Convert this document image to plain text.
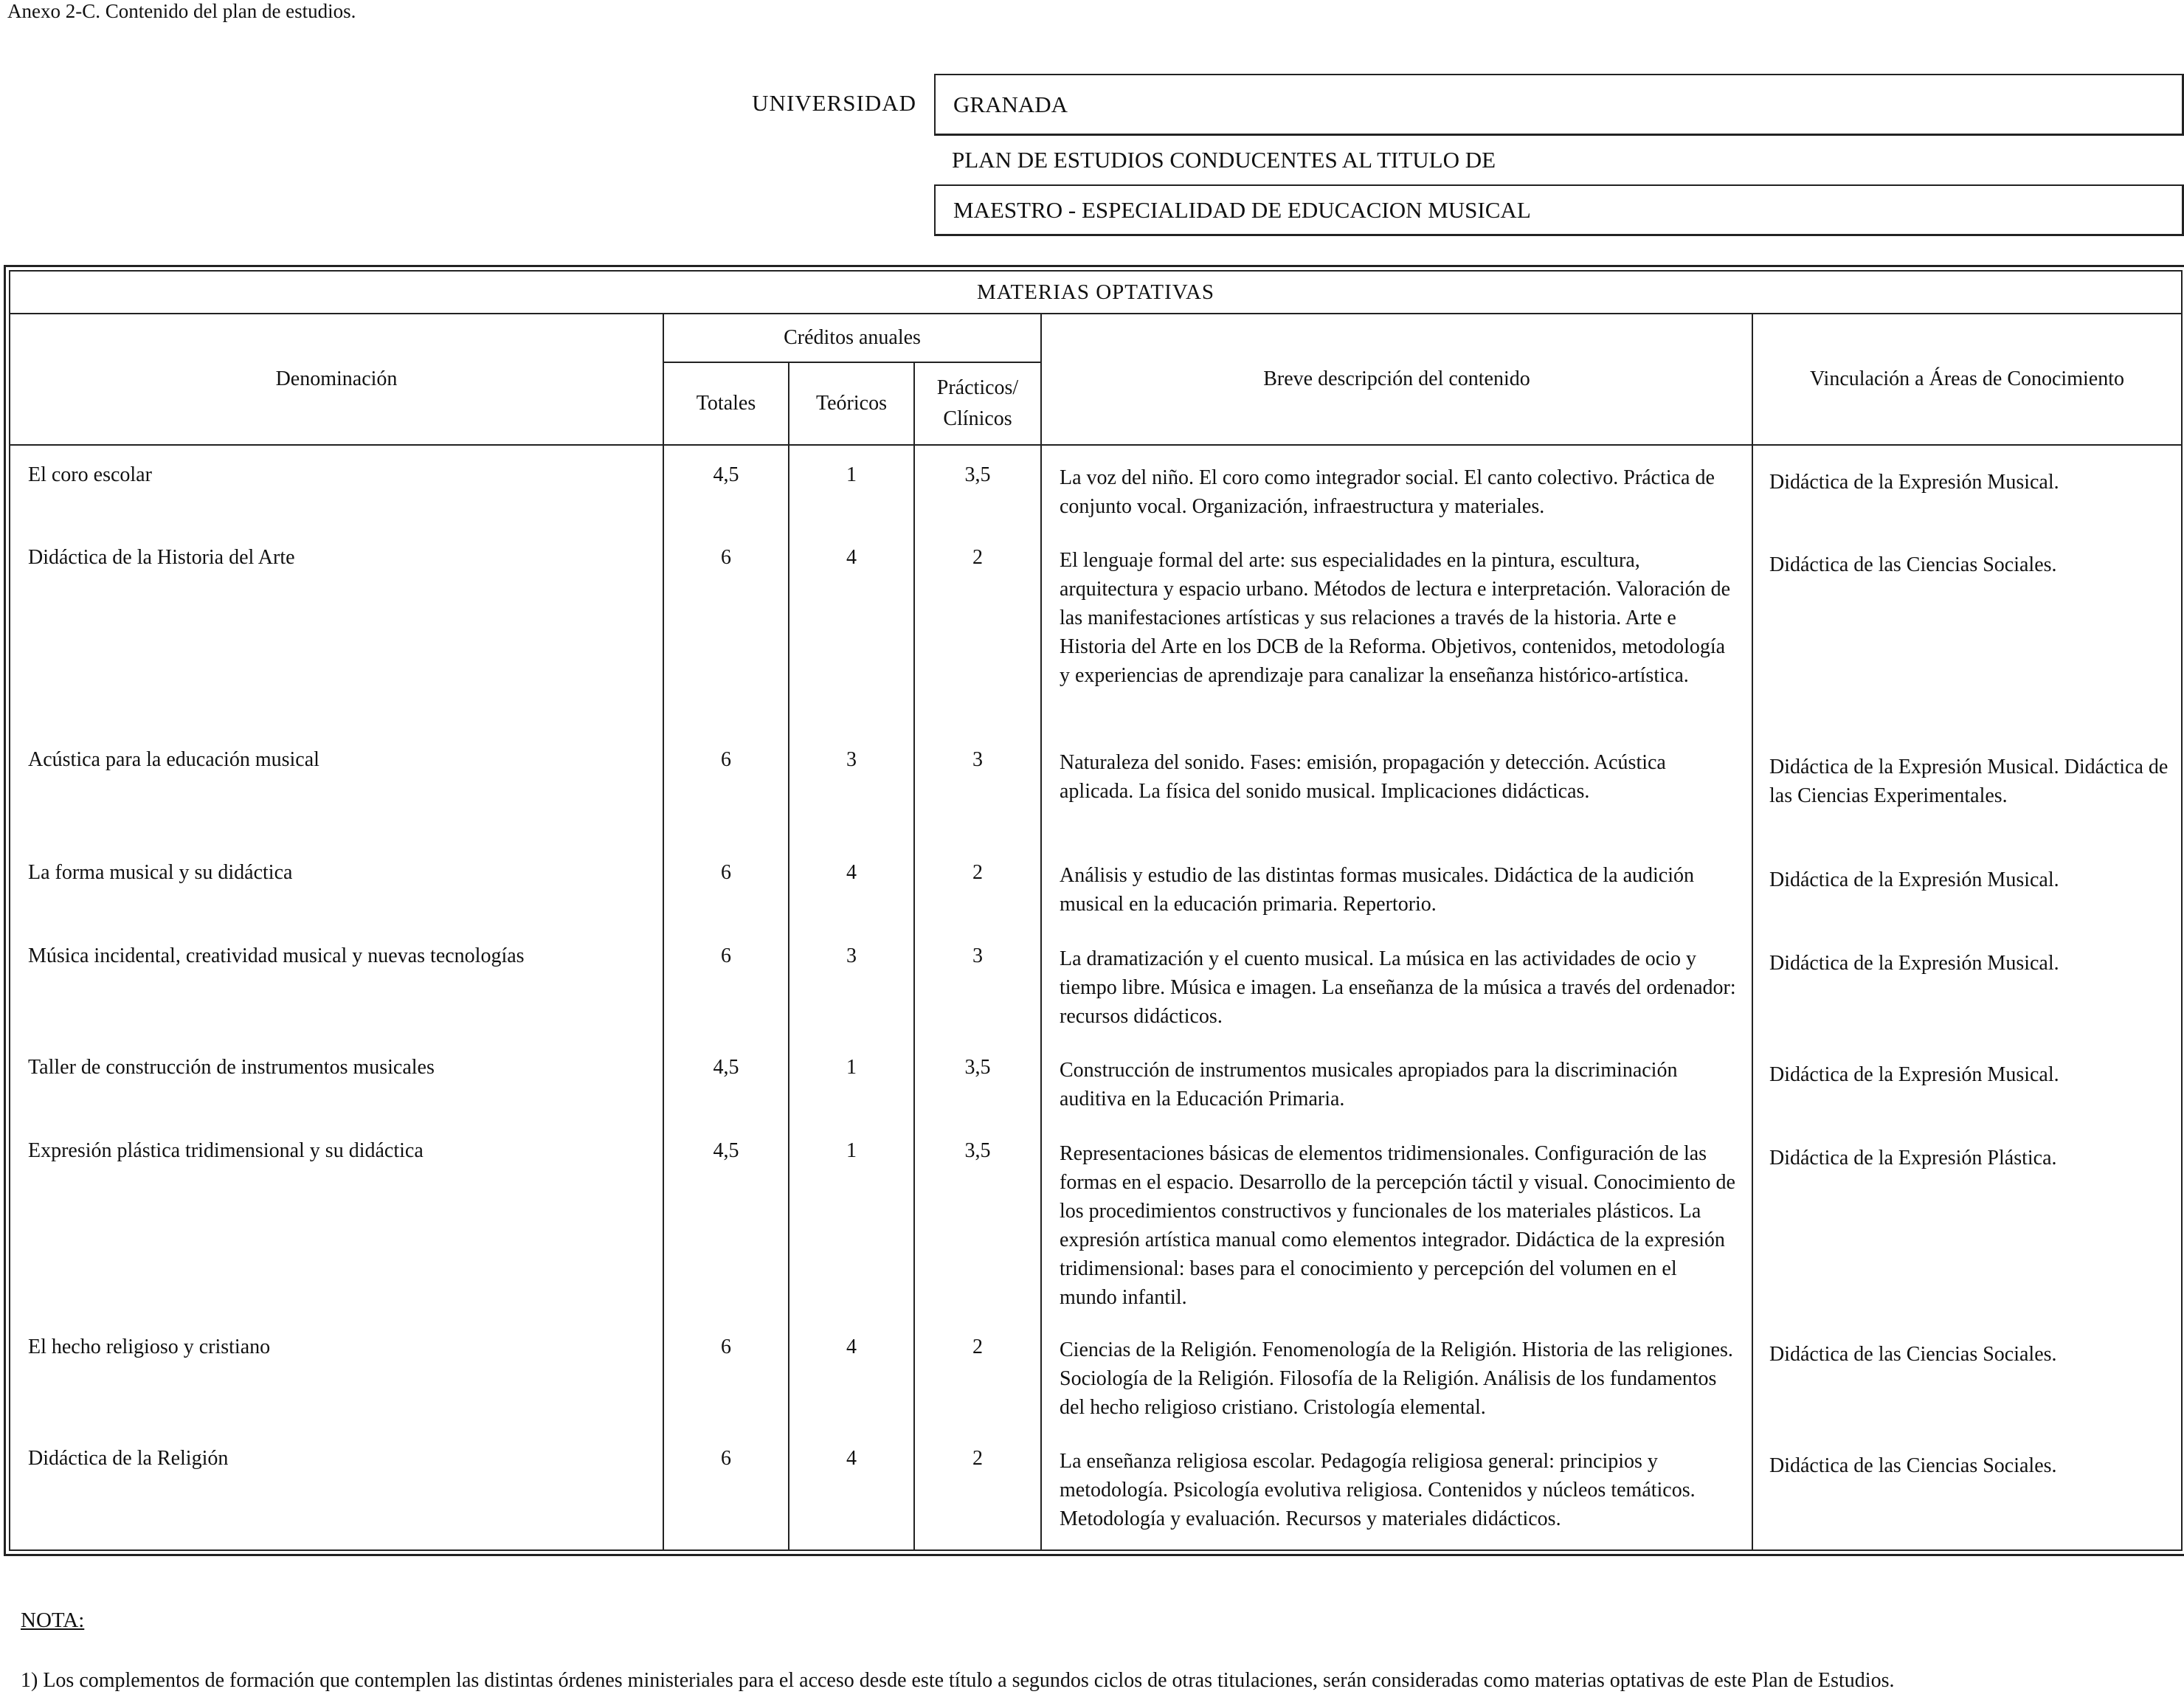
Anexo 2-C. Contenido del plan de estudios.
UNIVERSIDAD GRANADA
PLAN DE ESTUDIOS CONDUCENTES AL TITULO DE
MAESTRO - ESPECIALIDAD DE EDUCACION MUSICAL
MATERIAS OPTATIVAS					
Denominación	Créditos anuales			Breve descripción del contenido	Vinculación a Áreas de Conocimiento
	Totales	Teóricos	Prácticos/ Clínicos		
El coro escolar	4,5	1	3,5	La voz del niño. El coro como integrador social. El canto colectivo. Práctica de conjunto vocal. Organización, infraestructura y materiales.	Didáctica de la Expresión Musical.
Didáctica de la Historia del Arte	6	4	2	El lenguaje formal del arte: sus especialidades en la pintura, escultura, arquitectura y espacio urbano. Métodos de lectura e interpretación. Valoración de las manifestaciones artísticas y sus relaciones a través de la historia. Arte e Historia del Arte en los DCB de la Reforma. Objetivos, contenidos, metodología y experiencias de aprendizaje para canalizar la enseñanza histórico-artística.	Didáctica de las Ciencias Sociales.
Acústica para la educación musical	6	3	3	Naturaleza del sonido. Fases: emisión, propagación y detección. Acústica aplicada. La física del sonido musical. Implicaciones didácticas.	Didáctica de la Expresión Musical. Didáctica de las Ciencias Experimentales.
La forma musical y su didáctica	6	4	2	Análisis y estudio de las distintas formas musicales. Didáctica de la audición musical en la educación primaria. Repertorio.	Didáctica de la Expresión Musical.
Música incidental, creatividad musical y nuevas tecnologías	6	3	3	La dramatización y el cuento musical. La música en las actividades de ocio y tiempo libre. Música e imagen. La enseñanza de la música a través del ordenador: recursos didácticos.	Didáctica de la Expresión Musical.
Taller de construcción de instrumentos musicales	4,5	1	3,5	Construcción de instrumentos musicales apropiados para la discriminación auditiva en la Educación Primaria.	Didáctica de la Expresión Musical.
Expresión plástica tridimensional y su didáctica	4,5	1	3,5	Representaciones básicas de elementos tridimensionales. Configuración de las formas en el espacio. Desarrollo de la percepción táctil y visual. Conocimiento de los procedimientos constructivos y funcionales de los materiales plásticos. La expresión artística manual como elementos integrador. Didáctica de la expresión tridimensional: bases para el conocimiento y percepción del volumen en el mundo infantil.	Didáctica de la Expresión Plástica.
El hecho religioso y cristiano	6	4	2	Ciencias de la Religión. Fenomenología de la Religión. Historia de las religiones. Sociología de la Religión. Filosofía de la Religión. Análisis de los fundamentos del hecho religioso cristiano. Cristología elemental.	Didáctica de las Ciencias Sociales.
Didáctica de la Religión	6	4	2	La enseñanza religiosa escolar. Pedagogía religiosa general: principios y metodología. Psicología evolutiva religiosa. Contenidos y núcleos temáticos. Metodología y evaluación. Recursos y materiales didácticos.	Didáctica de las Ciencias Sociales.
NOTA:
1) Los complementos de formación que contemplen las distintas órdenes ministeriales para el acceso desde este título a segundos ciclos de otras titulaciones, serán consideradas como materias optativas de este Plan de Estudios.
